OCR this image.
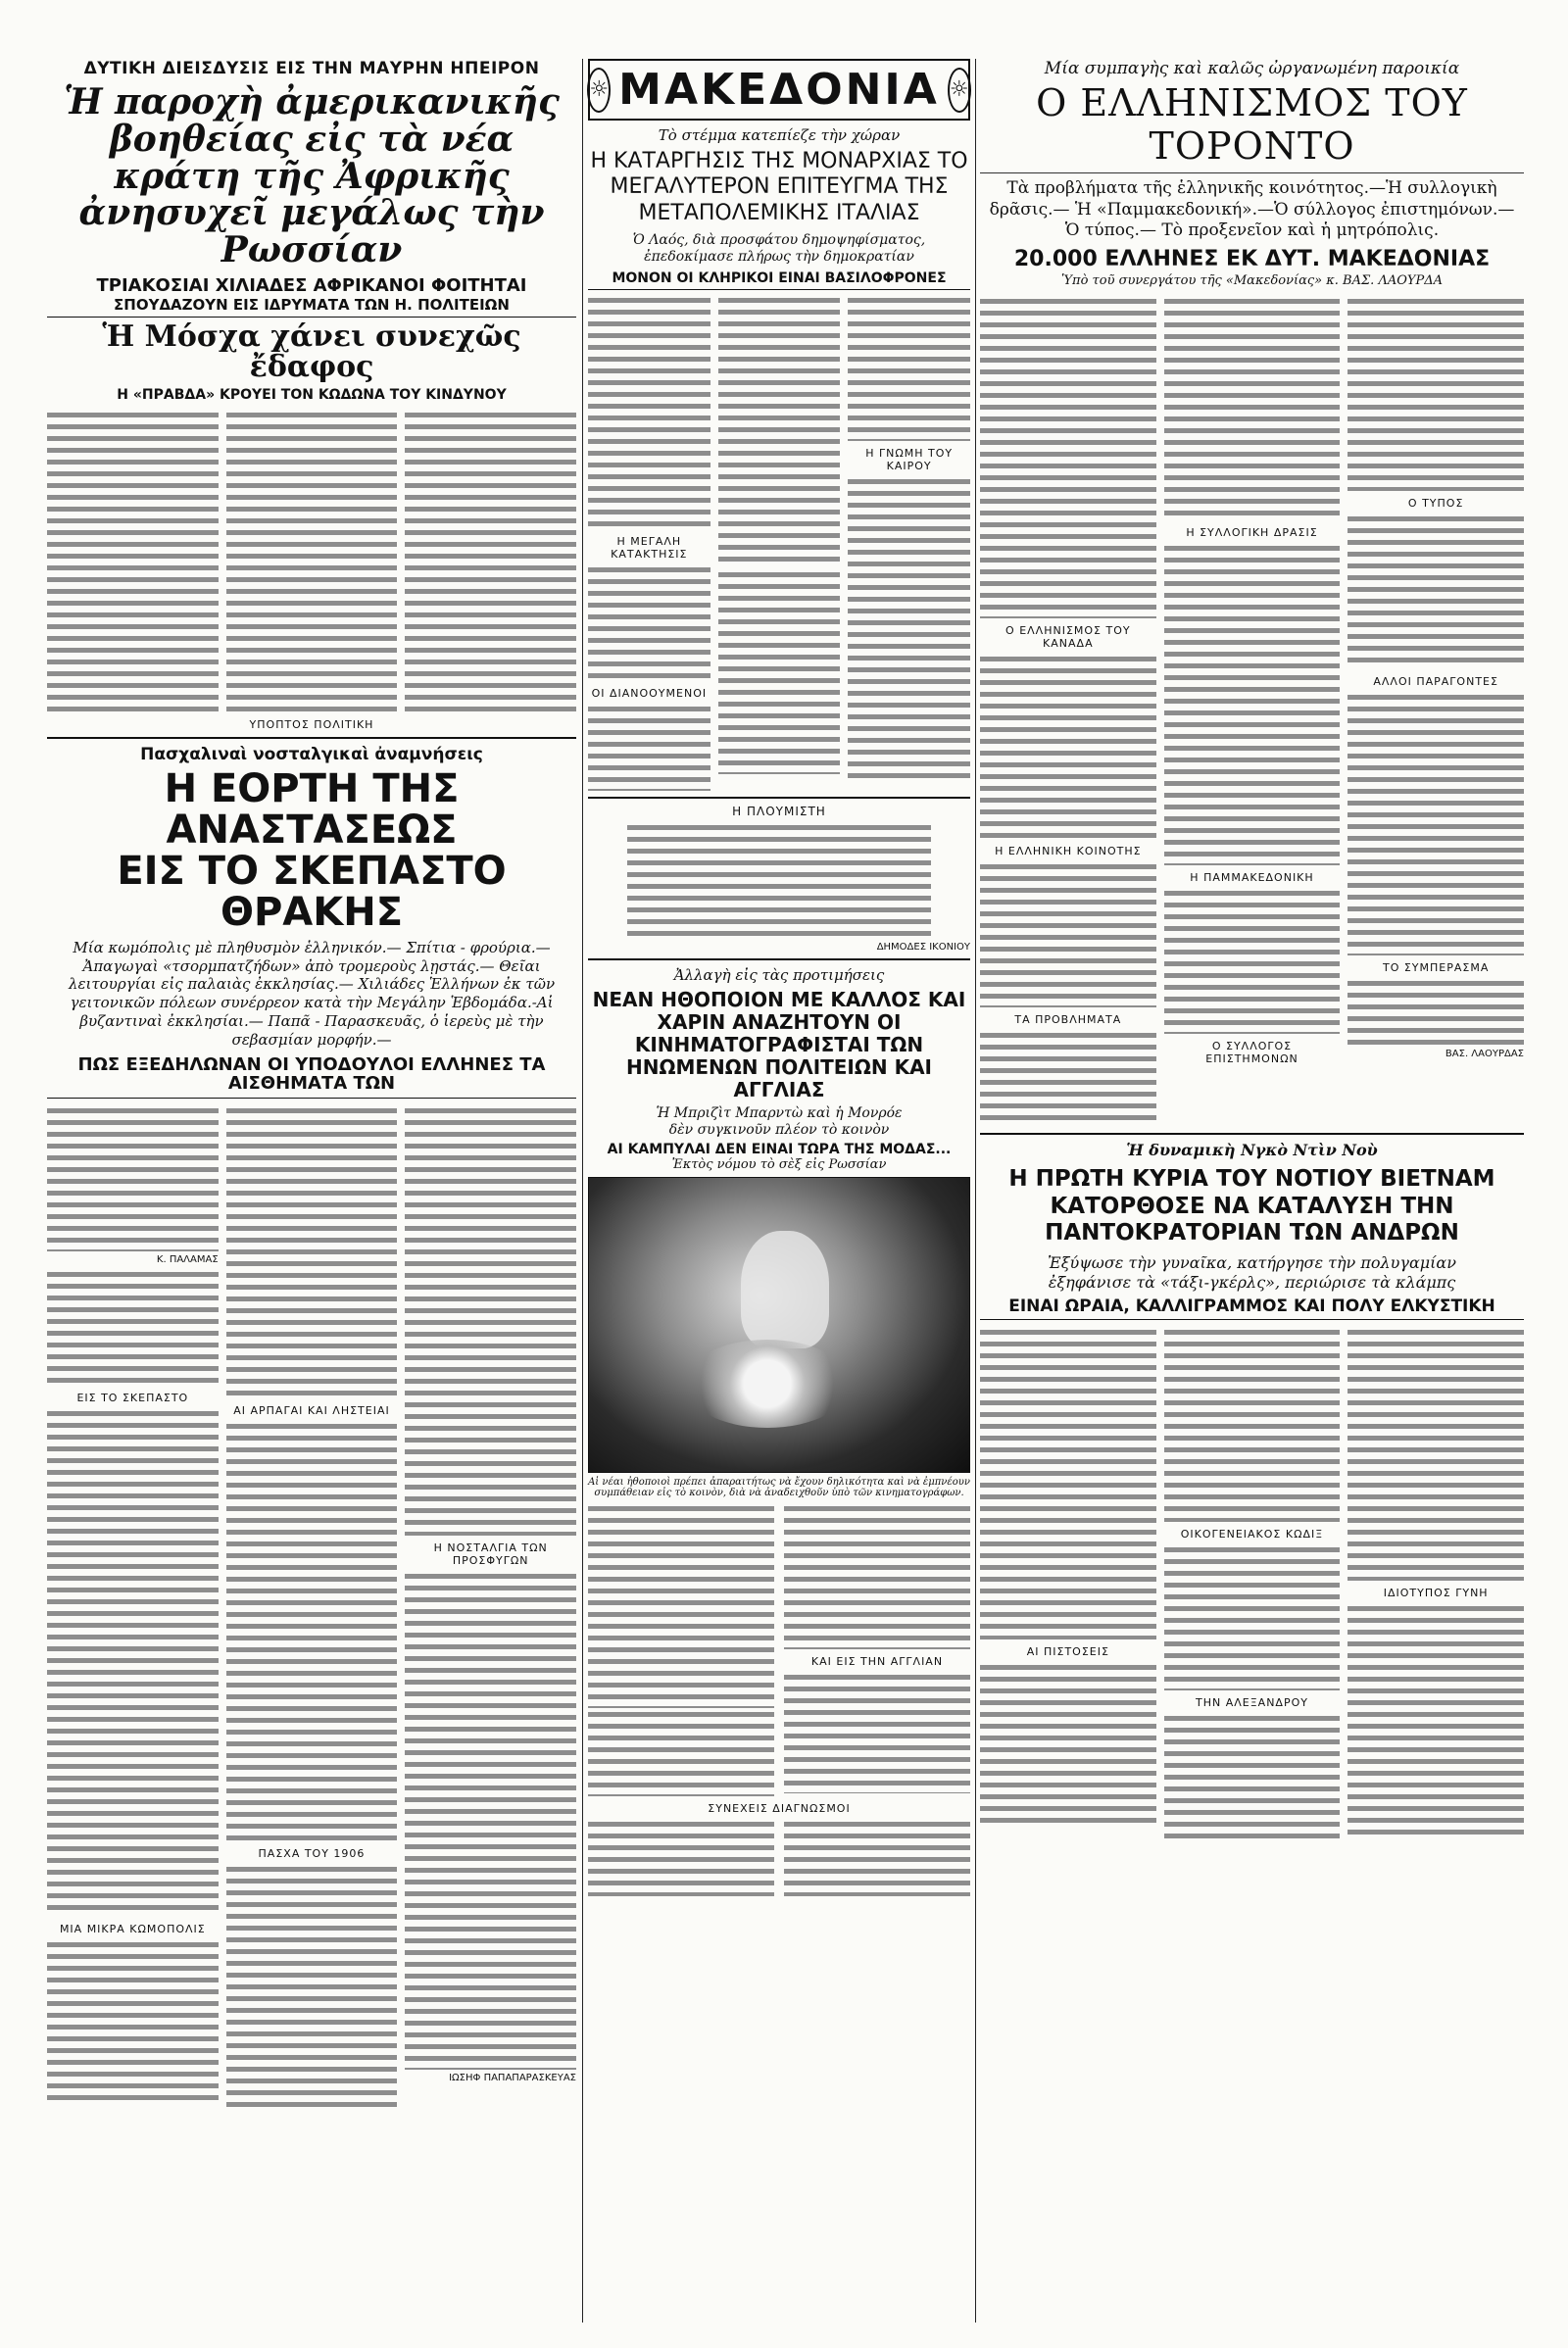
ΔΥΤΙΚΗ ΔΙΕΙΣΔΥΣΙΣ ΕΙΣ ΤΗΝ ΜΑΥΡΗΝ ΗΠΕΙΡΟΝ
Ἡ παροχὴ ἀμερικανικῆς βοηθείας εἰς τὰ νέα κράτη τῆς Ἀφρικῆς ἀνησυχεῖ μεγάλως τὴν Ρωσσίαν
ΤΡΙΑΚΟΣΙΑΙ ΧΙΛΙΑΔΕΣ ΑΦΡΙΚΑΝΟΙ ΦΟΙΤΗΤΑΙ
ΣΠΟΥΔΑΖΟΥΝ ΕΙΣ ΙΔΡΥΜΑΤΑ ΤΩΝ Η. ΠΟΛΙΤΕΙΩΝ
Ἡ Μόσχα χάνει συνεχῶς ἔδαφος
Η «ΠΡΑΒΔΑ» ΚΡΟΥΕΙ ΤΟΝ ΚΩΔΩΝΑ ΤΟΥ ΚΙΝΔΥΝΟΥ
ΥΠΟΠΤΟΣ ΠΟΛΙΤΙΚΗ
Πασχαλιναὶ νοσταλγικαὶ ἀναμνήσεις
Η ΕΟΡΤΗ ΤΗΣ ΑΝΑΣΤΑΣΕΩΣ
ΕΙΣ ΤΟ ΣΚΕΠΑΣΤΟ ΘΡΑΚΗΣ
Μία κωμόπολις μὲ πληθυσμὸν ἑλληνικόν.— Σπίτια - φρούρια.— Ἀπαγωγαὶ «τσορμπατζήδων» ἀπὸ τρομεροὺς λῃστάς.— Θεῖαι λειτουργίαι εἰς παλαιὰς ἐκκλησίας.— Χιλιάδες Ἑλλήνων ἐκ τῶν γειτονικῶν πόλεων συνέρρεον κατὰ τὴν Μεγάλην Ἑβδομάδα.-Αἱ βυζαντιναὶ ἐκκλησίαι.— Παπᾶ - Παρασκευᾶς, ὁ ἱερεὺς μὲ τὴν σεβασμίαν μορφήν.—
ΠΩΣ ΕΞΕΔΗΛΩΝΑΝ ΟΙ ΥΠΟΔΟΥΛΟΙ ΕΛΛΗΝΕΣ ΤΑ ΑΙΣΘΗΜΑΤΑ ΤΩΝ
Κ. ΠΑΛΑΜΑΣ
ΕΙΣ ΤΟ ΣΚΕΠΑΣΤΟ
ΜΙΑ ΜΙΚΡΑ ΚΩΜΟΠΟΛΙΣ
ΑΙ ΑΡΠΑΓΑΙ ΚΑΙ ΛΗΣΤΕΙΑΙ
ΠΑΣΧΑ ΤΟΥ 1906
Η ΝΟΣΤΑΛΓΙΑ ΤΩΝ ΠΡΟΣΦΥΓΩΝ
ΙΩΣΗΦ ΠΑΠΑΠΑΡΑΣΚΕΥΑΣ
☼ ΜΑΚΕΔΟΝΙΑ ☼
Τὸ στέμμα κατεπίεζε τὴν χώραν
Η ΚΑΤΑΡΓΗΣΙΣ ΤΗΣ ΜΟΝΑΡΧΙΑΣ ΤΟ ΜΕΓΑΛΥΤΕΡΟΝ ΕΠΙΤΕΥΓΜΑ ΤΗΣ ΜΕΤΑΠΟΛΕΜΙΚΗΣ ΙΤΑΛΙΑΣ
Ὁ Λαός, διὰ προσφάτου δημοψηφίσματος, ἐπεδοκίμασε πλήρως τὴν δημοκρατίαν
ΜΟΝΟΝ ΟΙ ΚΛΗΡΙΚΟΙ ΕΙΝΑΙ ΒΑΣΙΛΟΦΡΟΝΕΣ
Η ΜΕΓΑΛΗ ΚΑΤΑΚΤΗΣΙΣ
ΟΙ ΔΙΑΝΟΟΥΜΕΝΟΙ
Η ΓΝΩΜΗ ΤΟΥ ΚΑΙΡΟΥ
Η ΠΛΟΥΜΙΣΤΗ
ΔΗΜΟΔΕΣ ΙΚΟΝΙΟΥ
Ἀλλαγὴ εἰς τὰς προτιμήσεις
ΝΕΑΝ ΗΘΟΠΟΙΟΝ ΜΕ ΚΑΛΛΟΣ ΚΑΙ ΧΑΡΙΝ ΑΝΑΖΗΤΟΥΝ ΟΙ ΚΙΝΗΜΑΤΟΓΡΑΦΙΣΤΑΙ ΤΩΝ ΗΝΩΜΕΝΩΝ ΠΟΛΙΤΕΙΩΝ ΚΑΙ ΑΓΓΛΙΑΣ
Ἡ Μπριζὶτ Μπαρντὼ καὶ ἡ Μονρόε
δὲν συγκινοῦν πλέον τὸ κοινὸν
ΑΙ ΚΑΜΠΥΛΑΙ ΔΕΝ ΕΙΝΑΙ ΤΩΡΑ ΤΗΣ ΜΟΔΑΣ...
Ἐκτὸς νόμου τὸ σὲξ εἰς Ρωσσίαν
Αἱ νέαι ἠθοποιοὶ πρέπει ἀπαραιτήτως νὰ ἔχουν δηλικότητα καὶ νὰ ἐμπνέουν συμπάθειαν εἰς τὸ κοινὸν, διὰ νὰ ἀναδειχθοῦν ὑπὸ τῶν κινηματογράφων.
ΚΑΙ ΕΙΣ ΤΗΝ ΑΓΓΛΙΑΝ
ΣΥΝΕΧΕΙΣ ΔΙΑΓΝΩΣΜΟΙ
Μία συμπαγὴς καὶ καλῶς ὠργανωμένη παροικία
Ο ΕΛΛΗΝΙΣΜΟΣ ΤΟΥ ΤΟΡΟΝΤΟ
Τὰ προβλήματα τῆς ἑλληνικῆς κοινότητος.—Ἡ συλλογικὴ δρᾶσις.— Ἡ «Παμμακεδονική».—Ὁ σύλλογος ἐπιστημόνων.— Ὁ τύπος.— Τὸ προξενεῖον καὶ ἡ μητρόπολις.
20.000 ΕΛΛΗΝΕΣ ΕΚ ΔΥΤ. ΜΑΚΕΔΟΝΙΑΣ
Ὑπὸ τοῦ συνεργάτου τῆς «Μακεδονίας» κ. ΒΑΣ. ΛΑΟΥΡΔΑ
Ο ΕΛΛΗΝΙΣΜΟΣ ΤΟΥ ΚΑΝΑΔΑ
Η ΕΛΛΗΝΙΚΗ ΚΟΙΝΟΤΗΣ
ΤΑ ΠΡΟΒΛΗΜΑΤΑ
Η ΣΥΛΛΟΓΙΚΗ ΔΡΑΣΙΣ
Η ΠΑΜΜΑΚΕΔΟΝΙΚΗ
Ο ΣΥΛΛΟΓΟΣ ΕΠΙΣΤΗΜΟΝΩΝ
Ο ΤΥΠΟΣ
ΑΛΛΟΙ ΠΑΡΑΓΟΝΤΕΣ
ΤΟ ΣΥΜΠΕΡΑΣΜΑ
ΒΑΣ. ΛΑΟΥΡΔΑΣ
Ἡ δυναμικὴ Νγκὸ Ντὶν Νοὺ
Η ΠΡΩΤΗ ΚΥΡΙΑ ΤΟΥ ΝΟΤΙΟΥ ΒΙΕΤΝΑΜ ΚΑΤΟΡΘΟΣΕ ΝΑ ΚΑΤΑΛΥΣΗ ΤΗΝ ΠΑΝΤΟΚΡΑΤΟΡΙΑΝ ΤΩΝ ΑΝΔΡΩΝ
Ἐξύψωσε τὴν γυναῖκα, κατήργησε τὴν πολυγαμίαν
ἐξηφάνισε τὰ «τάξι-γκέρλς», περιώρισε τὰ κλάμπς
ΕΙΝΑΙ ΩΡΑΙΑ, ΚΑΛΛΙΓΡΑΜΜΟΣ ΚΑΙ ΠΟΛΥ ΕΛΚΥΣΤΙΚΗ
ΑΙ ΠΙΣΤΟΣΕΙΣ
ΟΙΚΟΓΕΝΕΙΑΚΟΣ ΚΩΔΙΞ
ΤΗΝ ΑΛΕΞΑΝΔΡΟΥ
ΙΔΙΟΤΥΠΟΣ ΓΥΝΗ
